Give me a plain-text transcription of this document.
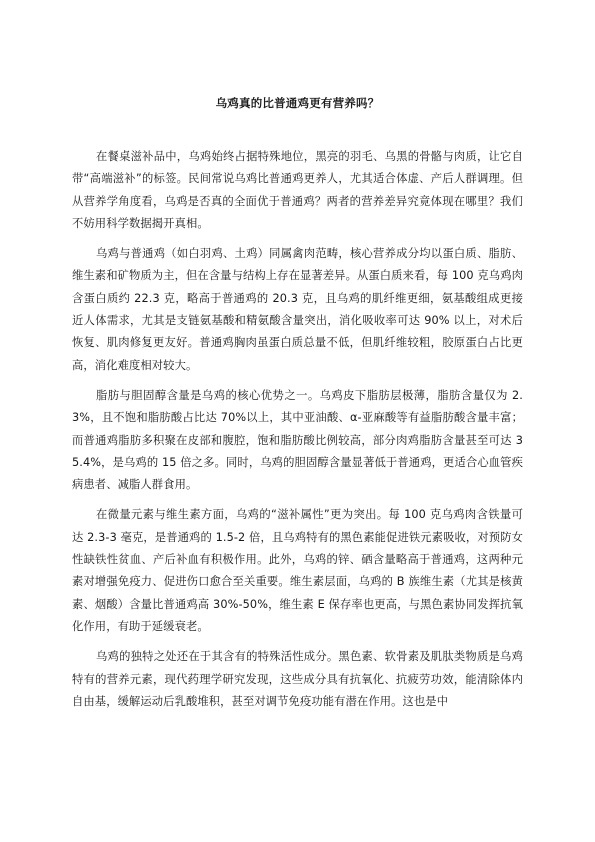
乌鸡真的比普通鸡更有营养吗？

在餐桌滋补品中，乌鸡始终占据特殊地位，黑亮的羽毛、乌黑的骨骼与肉质，让它自带“高端滋补”的标签。民间常说乌鸡比普通鸡更养人，尤其适合体虚、产后人群调理。但从营养学角度看，乌鸡是否真的全面优于普通鸡？两者的营养差异究竟体现在哪里？我们不妨用科学数据揭开真相。

乌鸡与普通鸡（如白羽鸡、土鸡）同属禽肉范畴，核心营养成分均以蛋白质、脂肪、维生素和矿物质为主，但在含量与结构上存在显著差异。从蛋白质来看，每 100 克乌鸡肉含蛋白质约 22.3 克，略高于普通鸡的 20.3 克，且乌鸡的肌纤维更细，氨基酸组成更接近人体需求，尤其是支链氨基酸和精氨酸含量突出，消化吸收率可达 90% 以上，对术后恢复、肌肉修复更友好。普通鸡胸肉虽蛋白质总量不低，但肌纤维较粗，胶原蛋白占比更高，消化难度相对较大。

脂肪与胆固醇含量是乌鸡的核心优势之一。乌鸡皮下脂肪层极薄，脂肪含量仅为 2.3%，且不饱和脂肪酸占比达 70%以上，其中亚油酸、α-亚麻酸等有益脂肪酸含量丰富；而普通鸡脂肪多积聚在皮部和腹腔，饱和脂肪酸比例较高，部分肉鸡脂肪含量甚至可达 35.4%，是乌鸡的 15 倍之多。同时，乌鸡的胆固醇含量显著低于普通鸡，更适合心血管疾病患者、减脂人群食用。

在微量元素与维生素方面，乌鸡的“滋补属性”更为突出。每 100 克乌鸡肉含铁量可达 2.3-3 毫克，是普通鸡的 1.5-2 倍，且乌鸡特有的黑色素能促进铁元素吸收，对预防女性缺铁性贫血、产后补血有积极作用。此外，乌鸡的锌、硒含量略高于普通鸡，这两种元素对增强免疫力、促进伤口愈合至关重要。维生素层面，乌鸡的 B 族维生素（尤其是核黄素、烟酸）含量比普通鸡高 30%-50%，维生素 E 保存率也更高，与黑色素协同发挥抗氧化作用，有助于延缓衰老。

乌鸡的独特之处还在于其含有的特殊活性成分。黑色素、软骨素及肌肽类物质是乌鸡特有的营养元素，现代药理学研究发现，这些成分具有抗氧化、抗疲劳功效，能清除体内自由基，缓解运动后乳酸堆积，甚至对调节免疫功能有潜在作用。这也是中
